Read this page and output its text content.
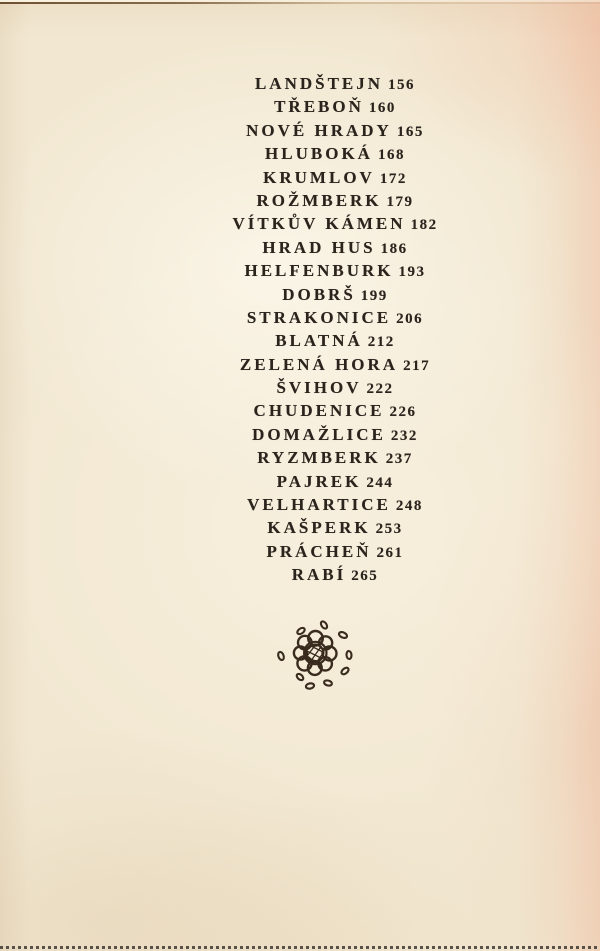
LANDŠTEJN 156
TŘEBOŇ 160
NOVÉ HRADY 165
HLUBOKÁ 168
KRUMLOV 172
ROŽMBERK 179
VÍTKŮV KÁMEN 182
HRAD HUS 186
HELFENBURK 193
DOBRŠ 199
STRAKONICE 206
BLATNÁ 212
ZELENÁ HORA 217
ŠVIHOV 222
CHUDENICE 226
DOMAŽLICE 232
RYZMBERK 237
PAJREK 244
VELHARTICE 248
KAŠPERK 253
PRÁCHEŇ 261
RABÍ 265
